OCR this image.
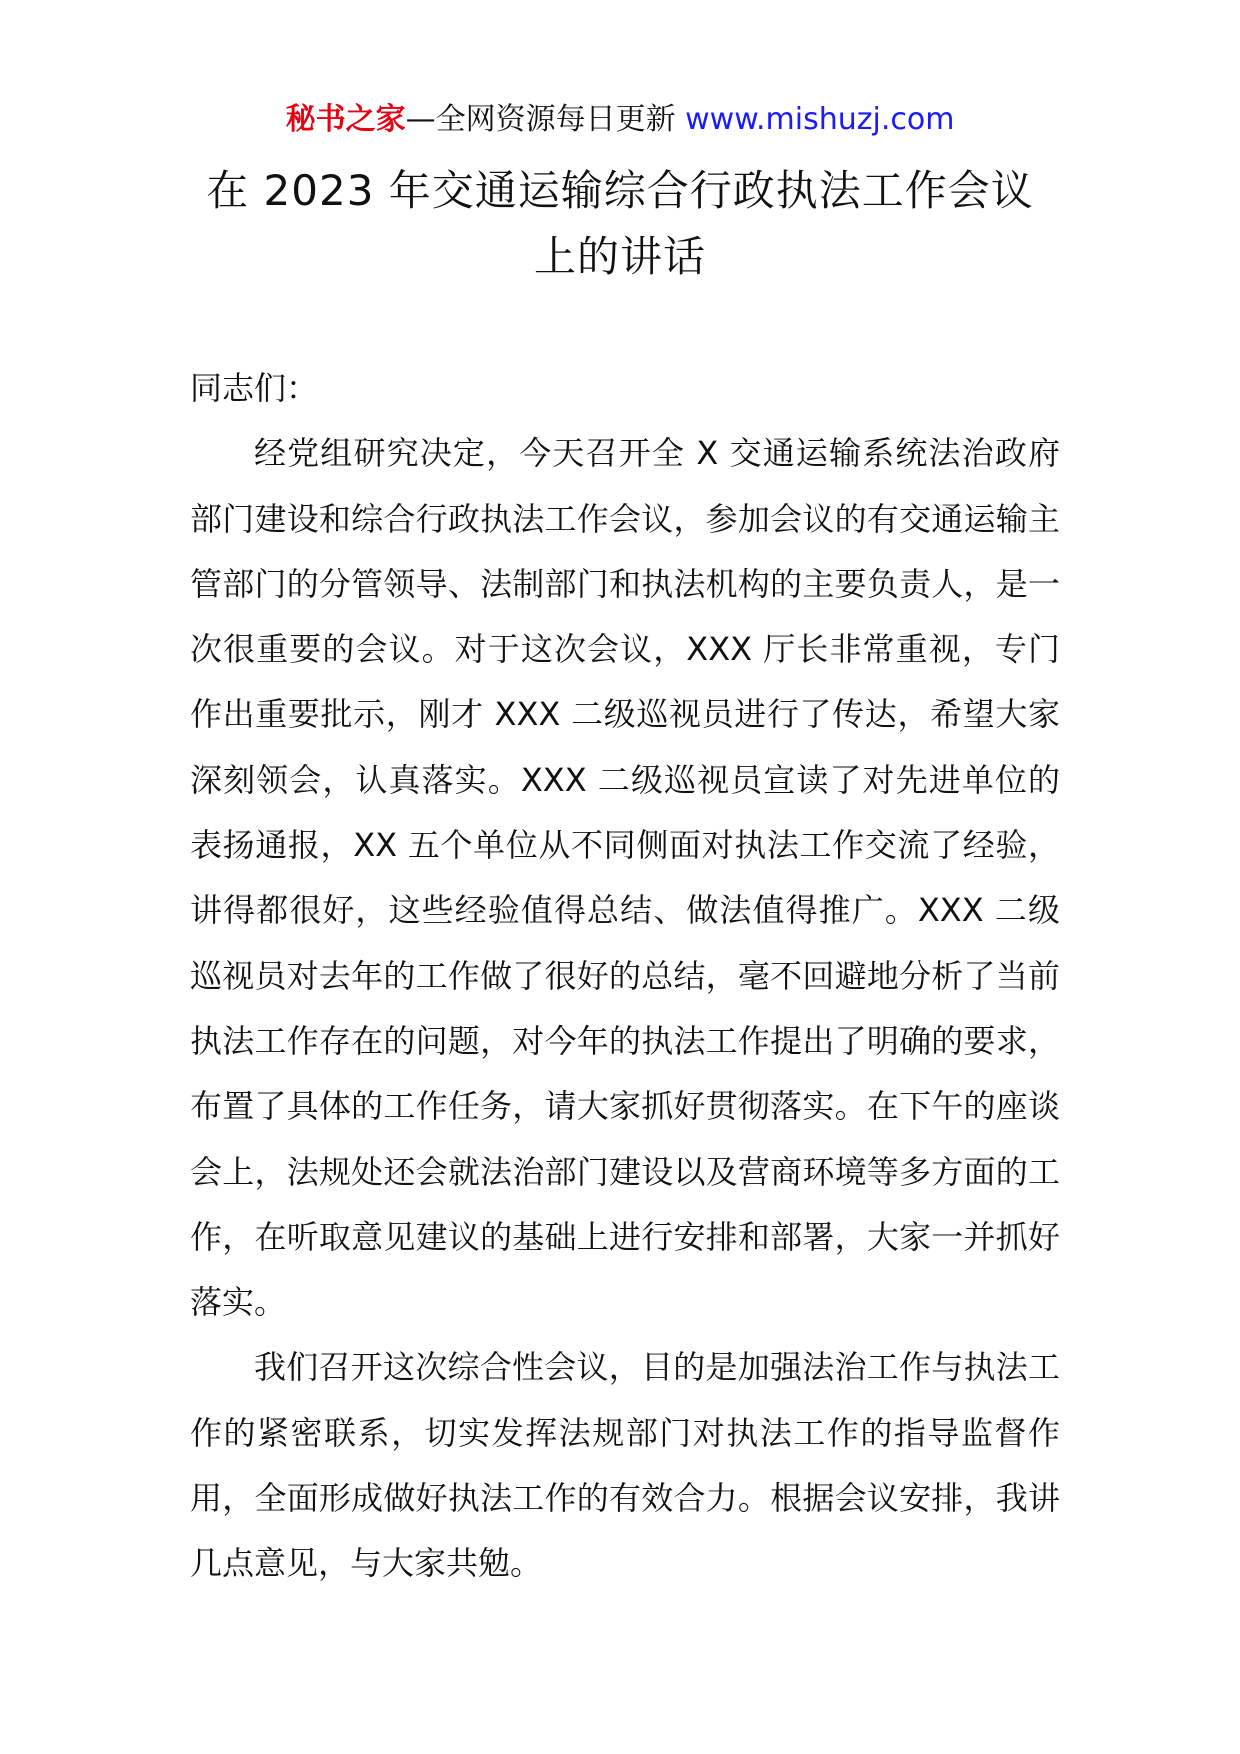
秘书之家—全网资源每日更新 www.mishuzj.com
在 2023 年交通运输综合行政执法工作会议
上的讲话

同志们：

经党组研究决定，今天召开全 X 交通运输系统法治政府部门建设和综合行政执法工作会议，参加会议的有交通运输主管部门的分管领导、法制部门和执法机构的主要负责人，是一次很重要的会议。对于这次会议，XXX 厅长非常重视，专门作出重要批示，刚才 XXX 二级巡视员进行了传达，希望大家深刻领会，认真落实。XXX 二级巡视员宣读了对先进单位的表扬通报，XX 五个单位从不同侧面对执法工作交流了经验，讲得都很好，这些经验值得总结、做法值得推广。XXX 二级巡视员对去年的工作做了很好的总结，毫不回避地分析了当前执法工作存在的问题，对今年的执法工作提出了明确的要求，布置了具体的工作任务，请大家抓好贯彻落实。在下午的座谈会上，法规处还会就法治部门建设以及营商环境等多方面的工作，在听取意见建议的基础上进行安排和部署，大家一并抓好落实。

我们召开这次综合性会议，目的是加强法治工作与执法工作的紧密联系，切实发挥法规部门对执法工作的指导监督作用，全面形成做好执法工作的有效合力。根据会议安排，我讲几点意见，与大家共勉。
